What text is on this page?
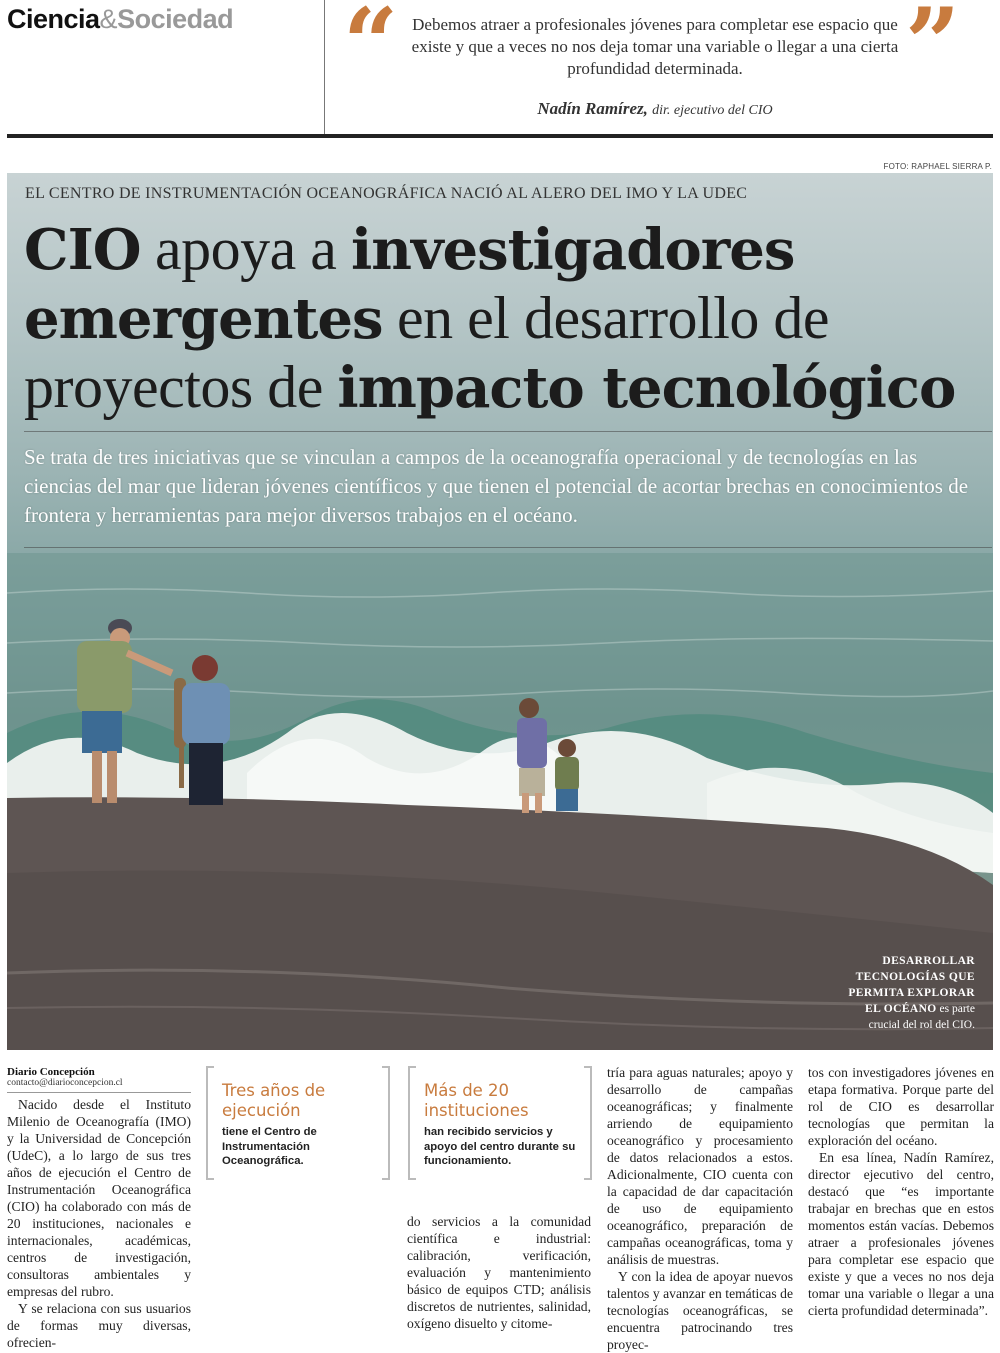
Ciencia&Sociedad “ Debemos atraer a profesionales jóvenes para completar ese espacio que existe y que a veces no nos deja tomar una variable o llegar a una cierta profundidad determinada.	”
Nadín Ramírez, dir. ejecutivo del CIO
FOTO: RAPHAEL SIERRA P.
EL CENTRO DE INSTRUMENTACIÓN OCEANOGRÁFICA NACIÓ AL ALERO DEL IMO Y LA UDEC
CIO apoya a investigadores emergentes en el desarrollo de proyectos de impacto tecnológico

Se trata de tres iniciativas que se vinculan a campos de la oceanografía operacional y de tecnologías en las ciencias del mar que lideran jóvenes científicos y que tienen el potencial de acortar brechas en conocimientos de frontera y herramientas para mejor diversos trabajos en el océano.

DESARROLLAR TECNOLOGÍAS QUE PERMITA EXPLORAR EL OCÉANO es parte crucial del rol del CIO.
Diario Concepción
contacto@diarioconcepcion.cl

Nacido desde el Instituto Milenio de Oceanografía (IMO) y la Universidad de Concepción (UdeC), a lo largo de sus tres años de ejecución el Centro de Instrumentación Oceanográfica (CIO) ha colaborado con más de 20 instituciones, nacionales e internacionales, académicas, centros de investigación, consultoras ambientales y empresas del rubro.

Y se relaciona con sus usuarios de formas muy diversas, ofrecien-

Tres años de ejecución
tiene el Centro de Instrumentación Oceanográfica.
Más de 20 instituciones
han recibido servicios y apoyo del centro durante su funcionamiento.

do servicios a la comunidad científica e industrial: calibración, verificación, evaluación y mantenimiento básico de equipos CTD; análisis discretos de nutrientes, salinidad, oxígeno disuelto y citome-

tría para aguas naturales; apoyo y desarrollo de campañas oceanográficas; y finalmente arriendo de equipamiento oceanográfico y procesamiento de datos relacionados a estos. Adicionalmente, CIO cuenta con la capacidad de dar capacitación de uso de equipamiento oceanográfico, preparación de campañas oceanográficas, toma y análisis de muestras.

Y con la idea de apoyar nuevos talentos y avanzar en temáticas de tecnologías oceanográficas, se encuentra patrocinando tres proyec-

tos con investigadores jóvenes en etapa formativa. Porque parte del rol de CIO es desarrollar tecnologías que permitan la exploración del océano.

En esa línea, Nadín Ramírez, director ejecutivo del centro, destacó que “es importante trabajar en brechas que en estos momentos están vacías. Debemos atraer a profesionales jóvenes para completar ese espacio que existe y que a veces no nos deja tomar una variable o llegar a una cierta profundidad determinada”.
